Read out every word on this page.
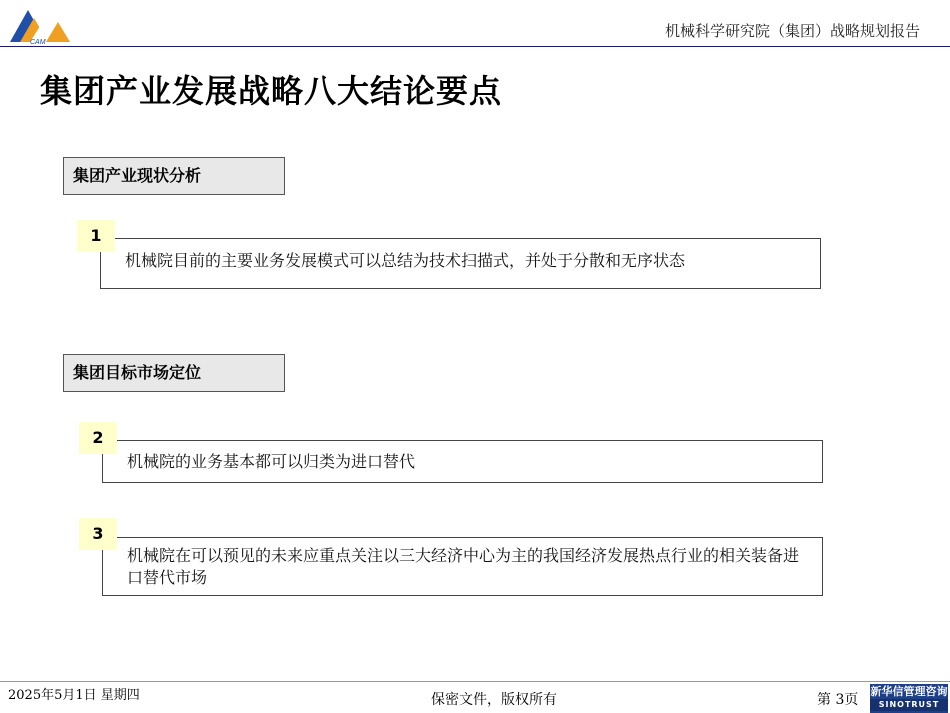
CAM
机械科学研究院（集团）战略规划报告
集团产业发展战略八大结论要点
集团产业现状分析
机械院目前的主要业务发展模式可以总结为技术扫描式，并处于分散和无序状态
1
集团目标市场定位
机械院的业务基本都可以归类为进口替代
2
机械院在可以预见的未来应重点关注以三大经济中心为主的我国经济发展热点行业的相关装备进口替代市场
3
2025年5月1日 星期四	保密文件，版权所有	第 3页
新华信管理咨询
SINOTRUST
